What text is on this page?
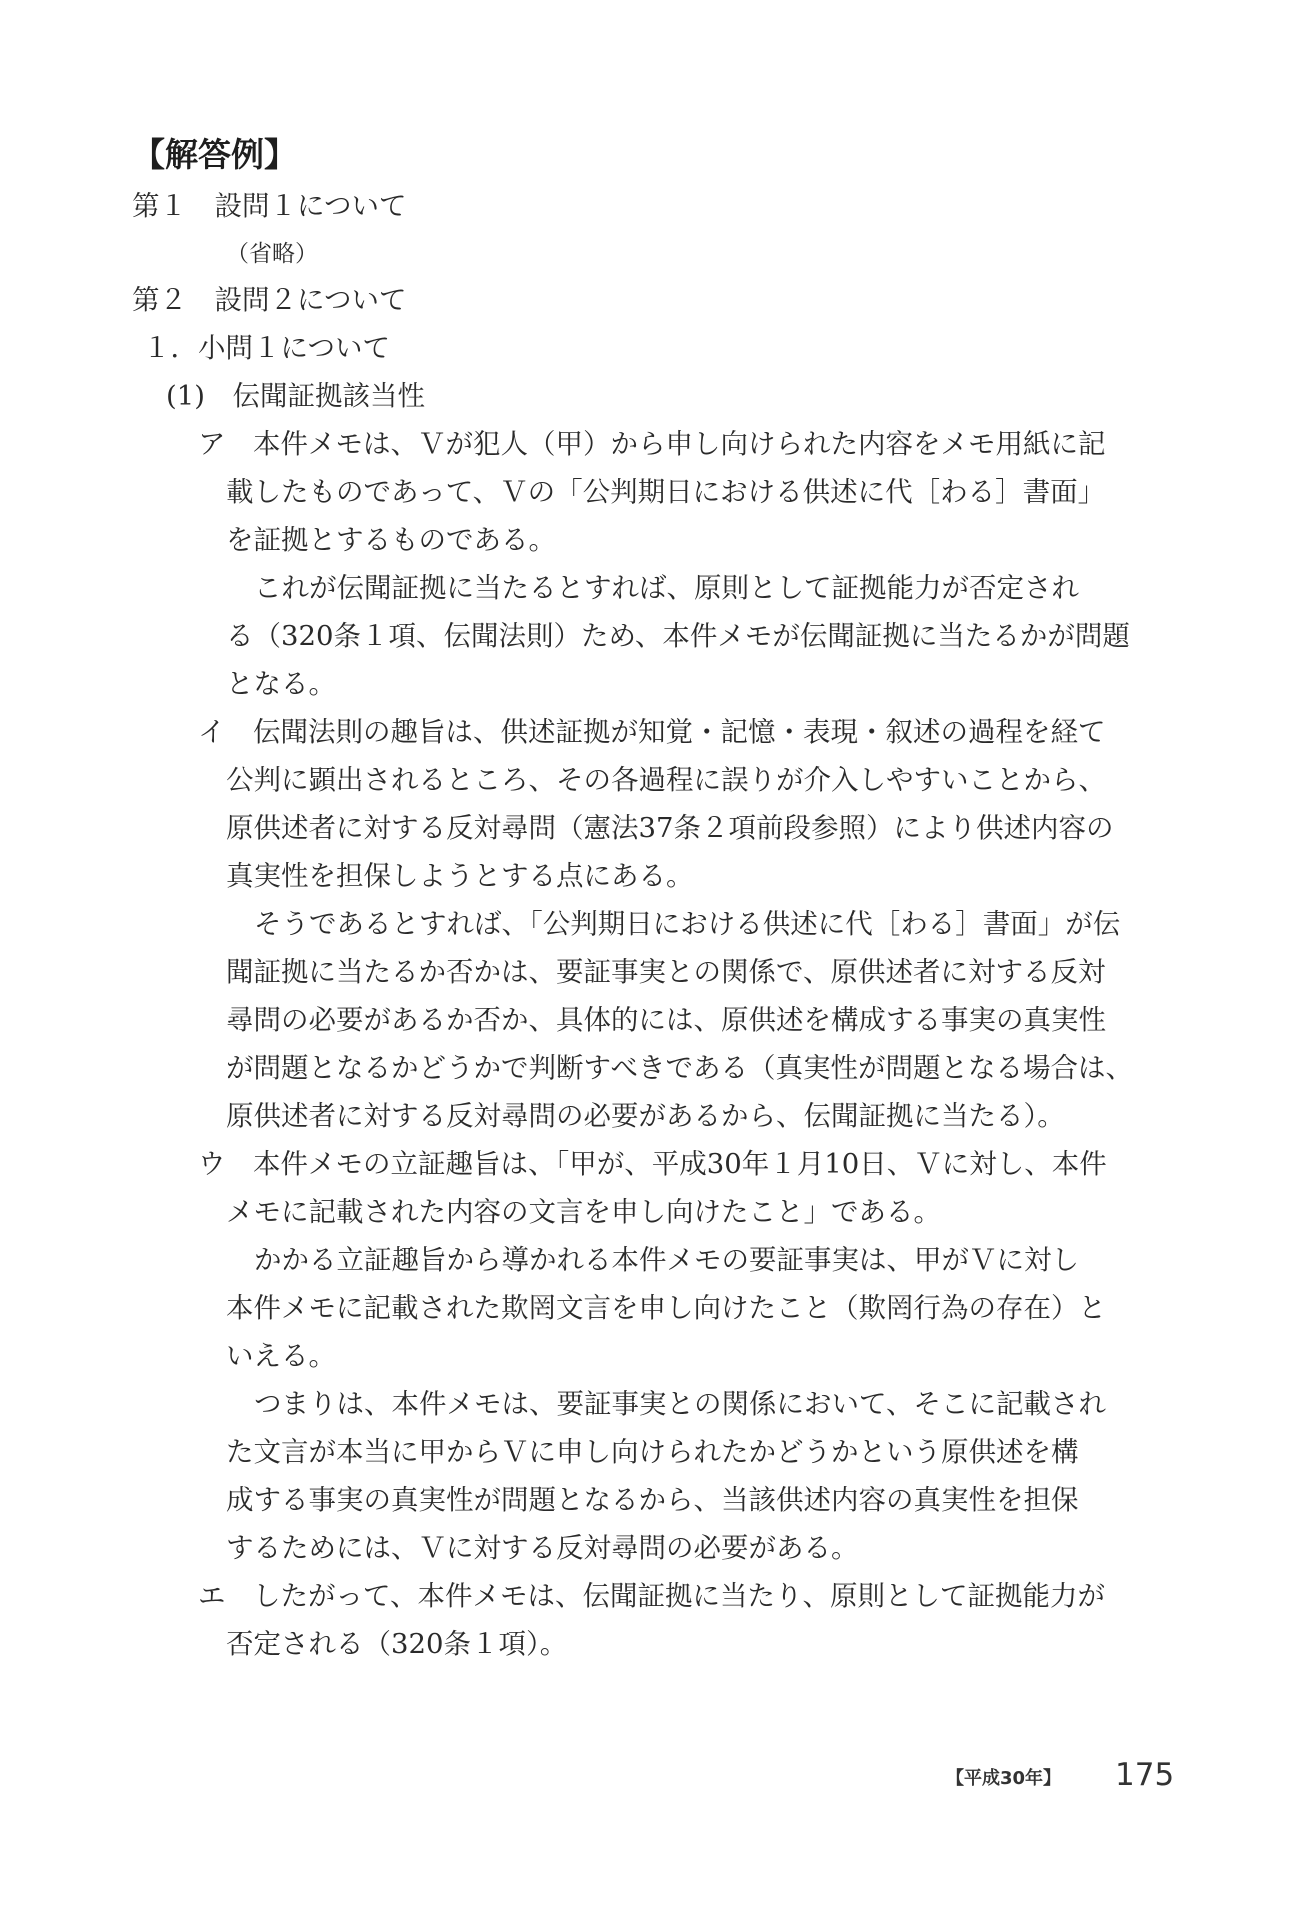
【解答例】
第１　設問１について
（省略）
第２　設問２について
１．小問１について
(1)　伝聞証拠該当性
ア　本件メモは、Ｖが犯人（甲）から申し向けられた内容をメモ用紙に記
載したものであって、Ｖの「公判期日における供述に代［わる］書面」
を証拠とするものである。
これが伝聞証拠に当たるとすれば、原則として証拠能力が否定され
る（320条１項、伝聞法則）ため、本件メモが伝聞証拠に当たるかが問題
となる。
イ　伝聞法則の趣旨は、供述証拠が知覚・記憶・表現・叙述の過程を経て
公判に顕出されるところ、その各過程に誤りが介入しやすいことから、
原供述者に対する反対尋問（憲法37条２項前段参照）により供述内容の
真実性を担保しようとする点にある。
そうであるとすれば、「公判期日における供述に代［わる］書面」が伝
聞証拠に当たるか否かは、要証事実との関係で、原供述者に対する反対
尋問の必要があるか否か、具体的には、原供述を構成する事実の真実性
が問題となるかどうかで判断すべきである（真実性が問題となる場合は、
原供述者に対する反対尋問の必要があるから、伝聞証拠に当たる）。
ウ　本件メモの立証趣旨は、「甲が、平成30年１月10日、Ｖに対し、本件
メモに記載された内容の文言を申し向けたこと」である。
かかる立証趣旨から導かれる本件メモの要証事実は、甲がＶに対し
本件メモに記載された欺罔文言を申し向けたこと（欺罔行為の存在）と
いえる。
つまりは、本件メモは、要証事実との関係において、そこに記載され
た文言が本当に甲からＶに申し向けられたかどうかという原供述を構
成する事実の真実性が問題となるから、当該供述内容の真実性を担保
するためには、Ｖに対する反対尋問の必要がある。
エ　したがって、本件メモは、伝聞証拠に当たり、原則として証拠能力が
否定される（320条１項）。
【平成30年】 175
